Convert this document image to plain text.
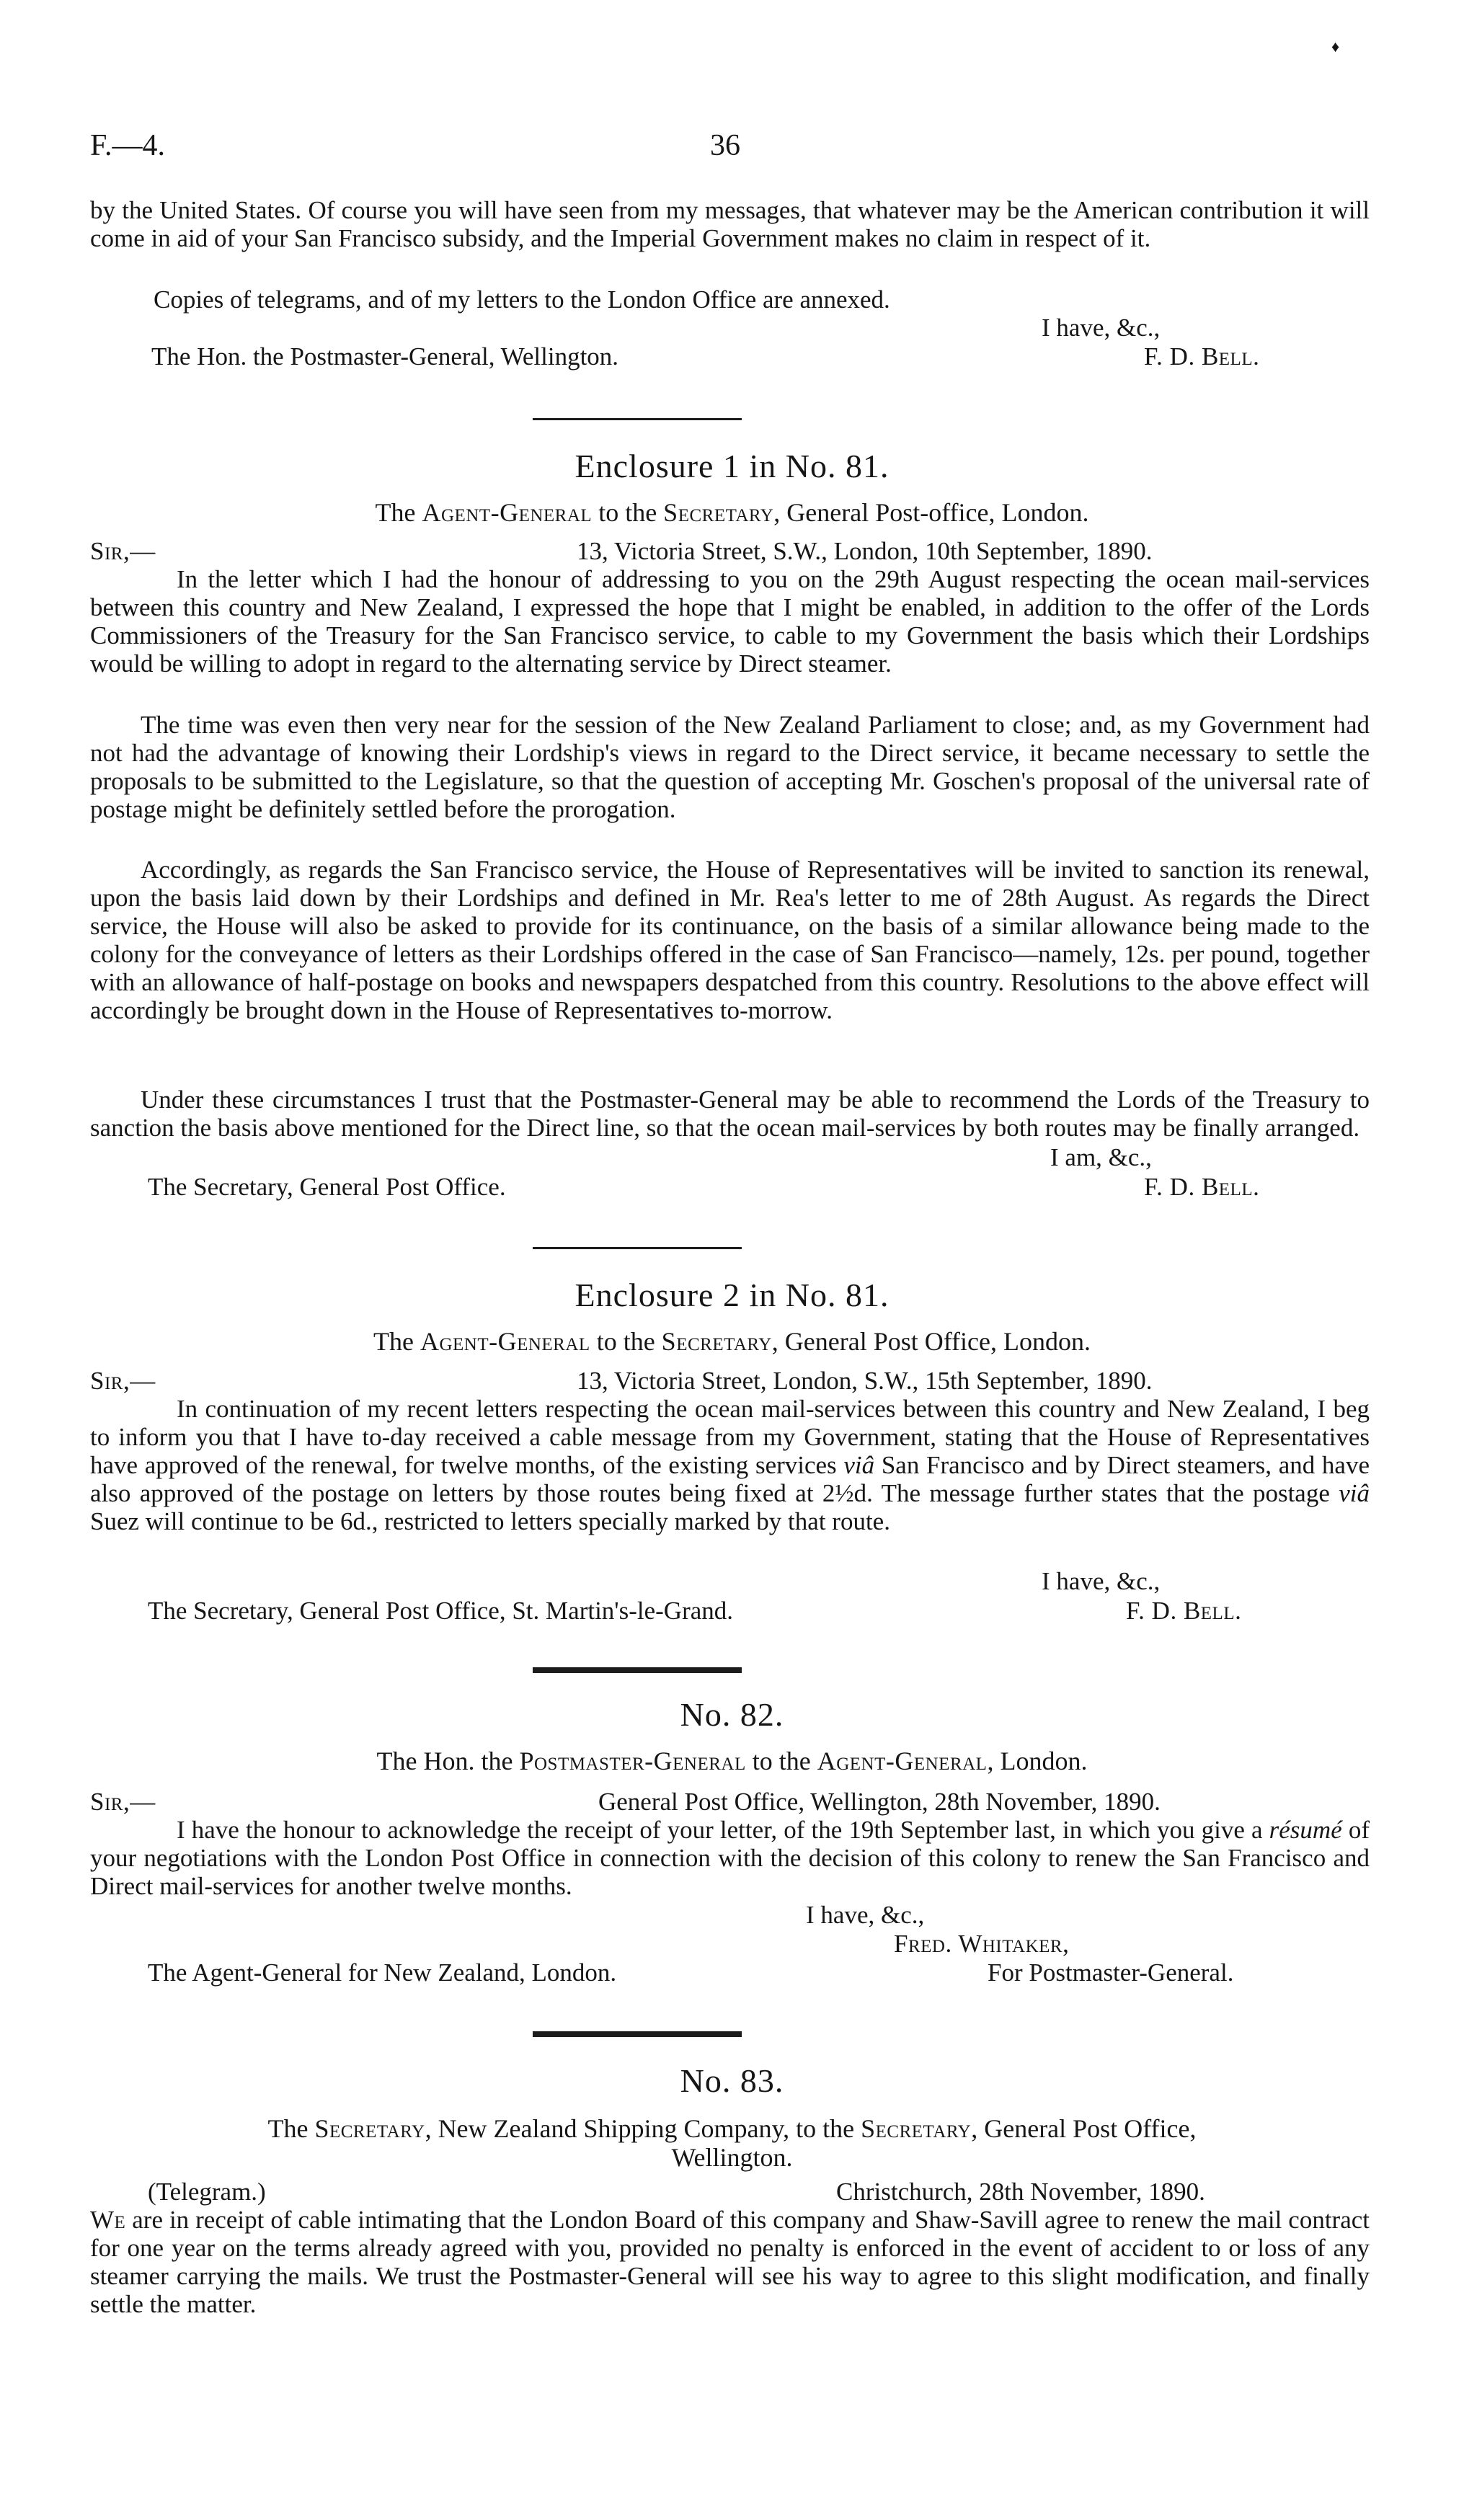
♦
F.—4.	36
by the United States. Of course you will have seen from my messages, that whatever may be the American contribution it will come in aid of your San Francisco subsidy, and the Imperial Government makes no claim in respect of it.
Copies of telegrams, and of my letters to the London Office are annexed.
I have, &c.,
The Hon. the Postmaster-General, Wellington.	F. D. Bell.
Enclosure 1 in No. 81.
The Agent-General to the Secretary, General Post-office, London.
Sir,—	13, Victoria Street, S.W., London, 10th September, 1890.
In the letter which I had the honour of addressing to you on the 29th August respecting the ocean mail-services between this country and New Zealand, I expressed the hope that I might be enabled, in addition to the offer of the Lords Commissioners of the Treasury for the San Francisco service, to cable to my Government the basis which their Lordships would be willing to adopt in regard to the alternating service by Direct steamer.
The time was even then very near for the session of the New Zealand Parliament to close; and, as my Government had not had the advantage of knowing their Lordship's views in regard to the Direct service, it became necessary to settle the proposals to be submitted to the Legislature, so that the question of accepting Mr. Goschen's proposal of the universal rate of postage might be definitely settled before the prorogation.
Accordingly, as regards the San Francisco service, the House of Representatives will be invited to sanction its renewal, upon the basis laid down by their Lordships and defined in Mr. Rea's letter to me of 28th August. As regards the Direct service, the House will also be asked to provide for its continuance, on the basis of a similar allowance being made to the colony for the conveyance of letters as their Lordships offered in the case of San Francisco—namely, 12s. per pound, together with an allowance of half-postage on books and newspapers despatched from this country. Resolutions to the above effect will accordingly be brought down in the House of Representatives to-morrow.
Under these circumstances I trust that the Postmaster-General may be able to recommend the Lords of the Treasury to sanction the basis above mentioned for the Direct line, so that the ocean mail-services by both routes may be finally arranged.
I am, &c.,
The Secretary, General Post Office.	F. D. Bell.
Enclosure 2 in No. 81.
The Agent-General to the Secretary, General Post Office, London.
Sir,—	13, Victoria Street, London, S.W., 15th September, 1890.
In continuation of my recent letters respecting the ocean mail-services between this country and New Zealand, I beg to inform you that I have to-day received a cable message from my Government, stating that the House of Representatives have approved of the renewal, for twelve months, of the existing services viâ San Francisco and by Direct steamers, and have also approved of the postage on letters by those routes being fixed at 2½d. The message further states that the postage viâ Suez will continue to be 6d., restricted to letters specially marked by that route.
I have, &c.,
The Secretary, General Post Office, St. Martin's-le-Grand.	F. D. Bell.
No. 82.
The Hon. the Postmaster-General to the Agent-General, London.
Sir,—	General Post Office, Wellington, 28th November, 1890.
I have the honour to acknowledge the receipt of your letter, of the 19th September last, in which you give a résumé of your negotiations with the London Post Office in connection with the decision of this colony to renew the San Francisco and Direct mail-services for another twelve months.
I have, &c.,
Fred. Whitaker,
The Agent-General for New Zealand, London.	For Postmaster-General.
No. 83.
The Secretary, New Zealand Shipping Company, to the Secretary, General Post Office,
Wellington.
(Telegram.)	Christchurch, 28th November, 1890.
We are in receipt of cable intimating that the London Board of this company and Shaw-Savill agree to renew the mail contract for one year on the terms already agreed with you, provided no penalty is enforced in the event of accident to or loss of any steamer carrying the mails. We trust the Postmaster-General will see his way to agree to this slight modification, and finally settle the matter.
